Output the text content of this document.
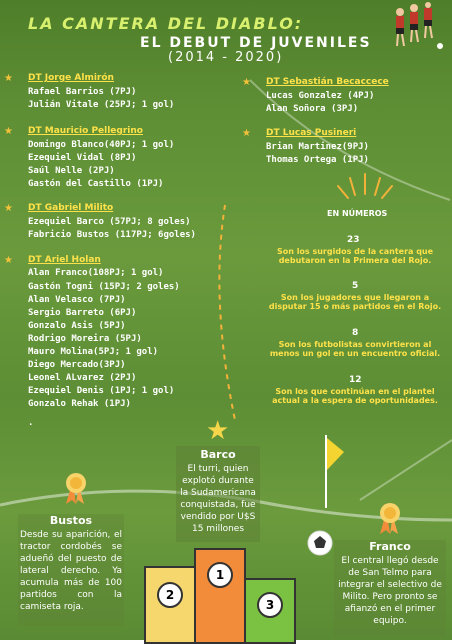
LA CANTERA DEL DIABLO:
EL DEBUT DE JUVENILES
(2014 - 2020)
★ DT Jorge Almirón
Rafael Barrios (7PJ)
Julián Vitale (25PJ; 1 gol)
★ DT Mauricio Pellegrino
Domingo Blanco(40PJ; 1 gol)
Ezequiel Vidal (8PJ)
Saúl Nelle (2PJ)
Gastón del Castillo (1PJ)
★ DT Gabriel Milito
Ezequiel Barco (57PJ; 8 goles)
Fabricio Bustos (117PJ; 6goles)
★ DT Ariel Holan
Alan Franco(108PJ; 1 gol)
Gastón Togni (15PJ; 2 goles)
Alan Velasco (7PJ)
Sergio Barreto (6PJ)
Gonzalo Asis (5PJ)
Rodrigo Moreira (5PJ)
Mauro Molina(5PJ; 1 gol)
Diego Mercado(3PJ)
Leonel ALvarez (2PJ)
Ezequiel Denis (1PJ; 1 gol)
Gonzalo Rehak (1PJ)
.
★ DT Sebastián Becaccece
Lucas Gonzalez (4PJ)
Alan Soñora (3PJ)
★ DT Lucas Pusineri
Brian Martinez(9PJ)
Thomas Ortega (1PJ)
EN NÚMEROS
23
Son los surgidos de la cantera que debutaron en la Primera del Rojo.
5
Son los jugadores que llegaron a disputar 15 o más partidos en el Rojo.
8
Son los futbolistas convirtieron al menos un gol en un encuentro oficial.
12
Son los que continúan en el plantel actual a la espera de oportunidades.
★
Barco
El turri, quien explotó durante la Sudamericana conquistada, fue vendido por U$S 15 millones
Bustos
Desde su aparición, el tractor cordobés se adueñó del puesto de lateral derecho. Ya acumula más de 100 partidos con la camiseta roja.
Franco
El central llegó desde de San Telmo para integrar el selectivo de Milito. Pero pronto se afianzó en el primer equipo.
2
1
3
